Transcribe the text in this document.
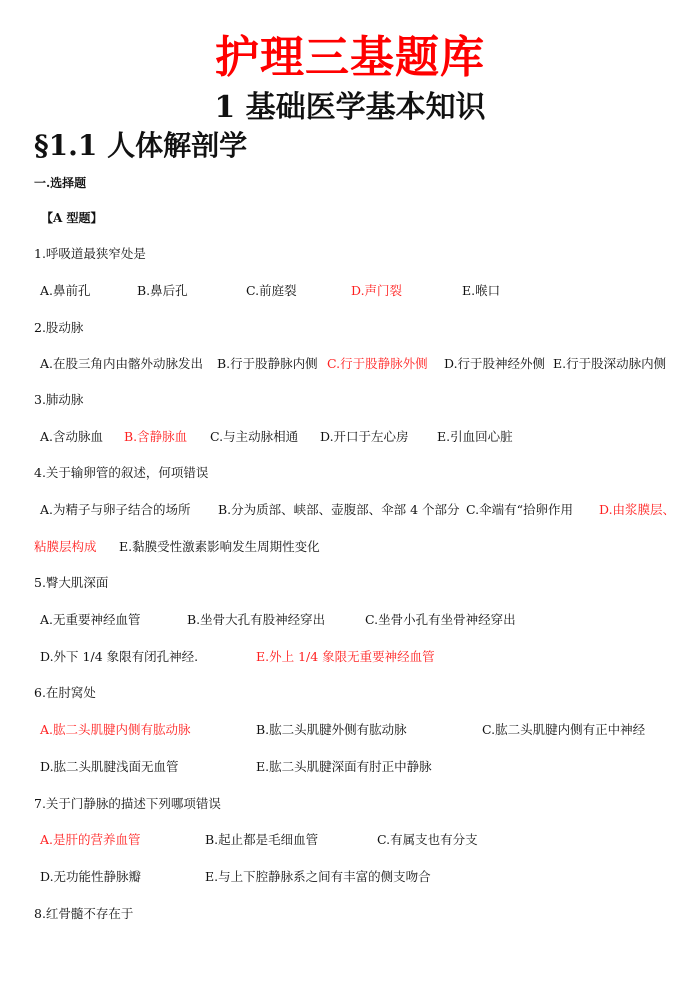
护理三基题库
1 基础医学基本知识
§1.1 人体解剖学
一.选择题
【A 型题】
1.呼吸道最狭窄处是
A.鼻前孔	B.鼻后孔	C.前庭裂	D.声门裂	E.喉口
2.股动脉
A.在股三角内由髂外动脉发出 B.行于股静脉内侧 C.行于股静脉外侧 D.行于股神经外侧 E.行于股深动脉内侧
3.肺动脉
A.含动脉血 B.含静脉血 C.与主动脉相通 D.开口于左心房 E.引血回心脏
4.关于输卵管的叙述，何项错误
A.为精子与卵子结合的场所 B.分为质部、峡部、壶腹部、伞部 4 个部分 C.伞端有“拾卵作用 D.由浆膜层、
粘膜层构成 E.黏膜受性激素影响发生周期性变化
5.臀大肌深面
A.无重要神经血管	B.坐骨大孔有股神经穿出	C.坐骨小孔有坐骨神经穿出
D.外下 1/4 象限有闭孔神经.	E.外上 1/4 象限无重要神经血管
6.在肘窝处
A.肱二头肌腱内侧有肱动脉	B.肱二头肌腱外侧有肱动脉	C.肱二头肌腱内侧有正中神经
D.肱二头肌腱浅面无血管	E.肱二头肌腱深面有肘正中静脉
7.关于门静脉的描述下列哪项错误
A.是肝的营养血管	B.起止都是毛细血管	C.有属支也有分支
D.无功能性静脉瓣	E.与上下腔静脉系之间有丰富的侧支吻合
8.红骨髓不存在于
